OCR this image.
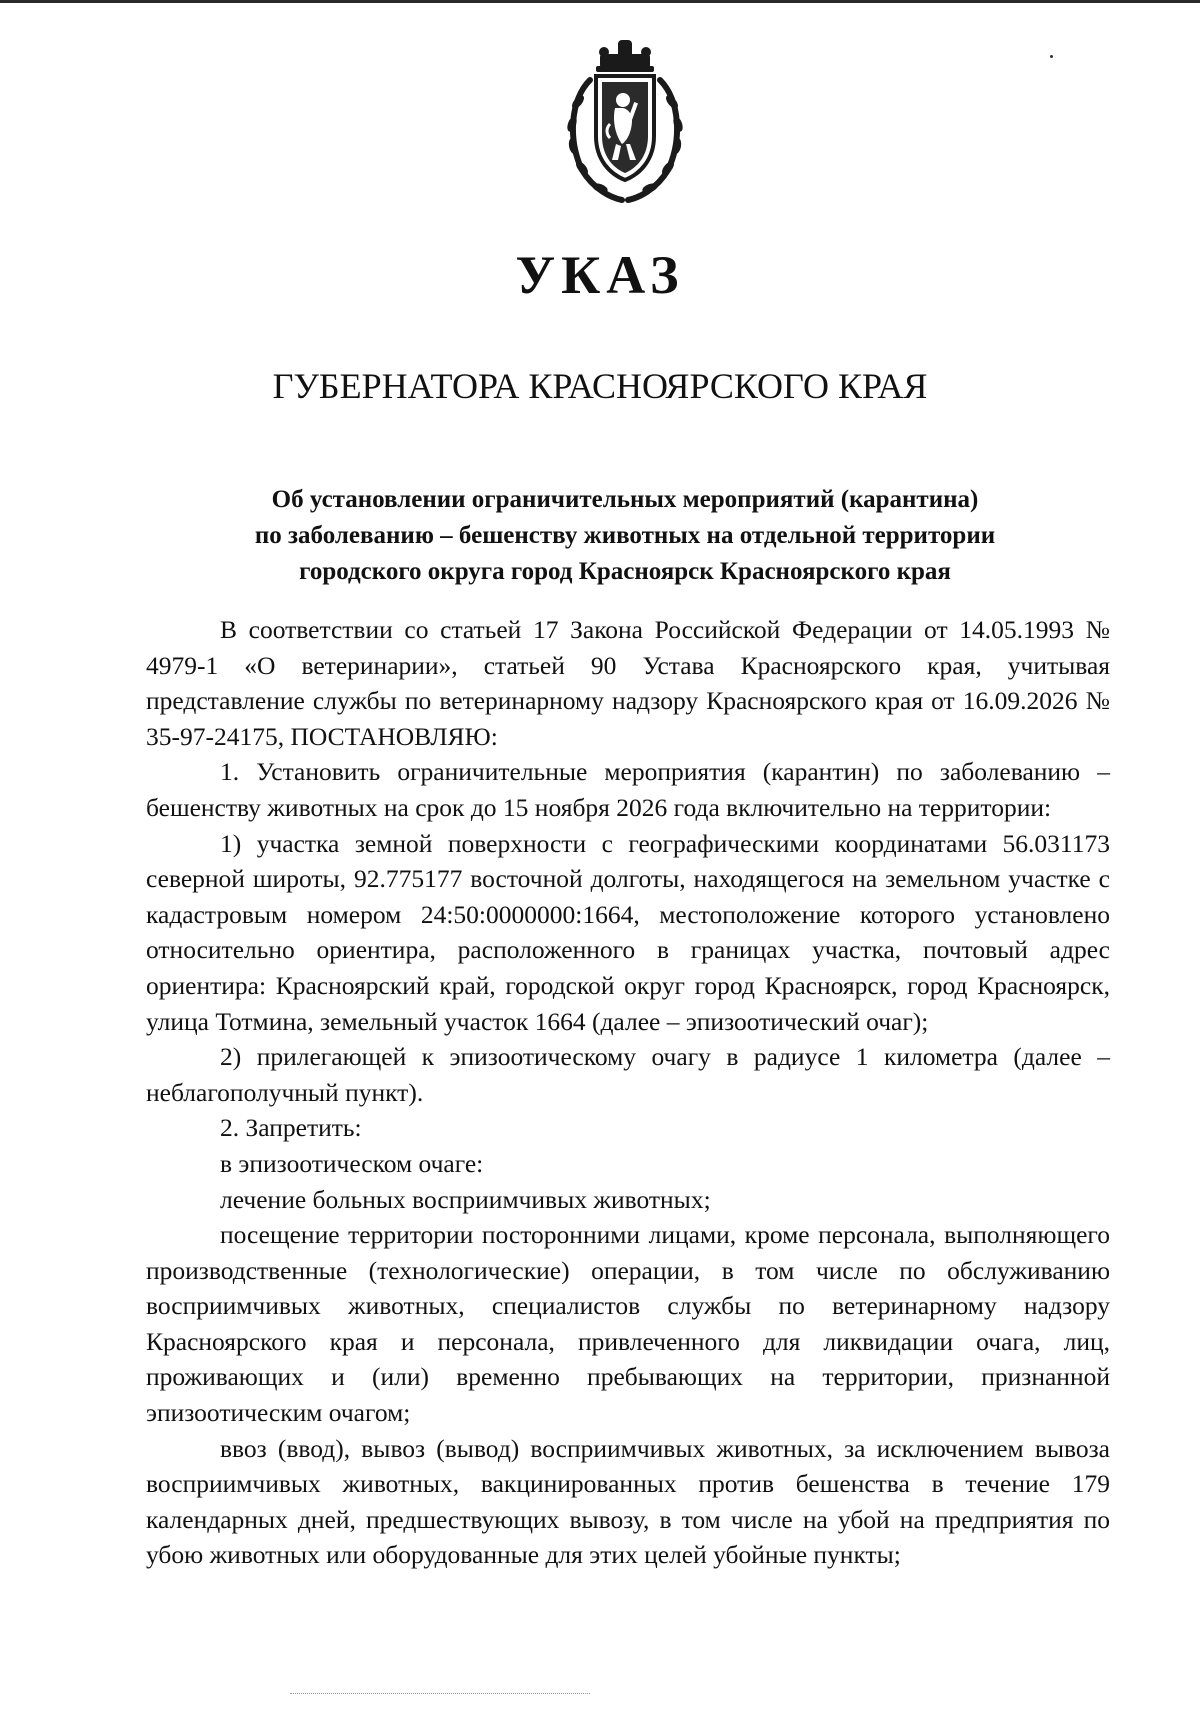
УКАЗ
ГУБЕРНАТОРА КРАСНОЯРСКОГО КРАЯ
Об установлении ограничительных мероприятий (карантина)
по заболеванию – бешенству животных на отдельной территории
городского округа город Красноярск Красноярского края

В соответствии со статьей 17 Закона Российской Федерации от 14.05.1993 № 4979-1 «О ветеринарии», статьей 90 Устава Красноярского края, учитывая представление службы по ветеринарному надзору Красноярского края от 16.09.2026 № 35-97-24175, ПОСТАНОВЛЯЮ:

1. Установить ограничительные мероприятия (карантин) по заболеванию – бешенству животных на срок до 15 ноября 2026 года включительно на территории:

1) участка земной поверхности с географическими координатами 56.031173 северной широты, 92.775177 восточной долготы, находящегося на земельном участке с кадастровым номером 24:50:0000000:1664, местоположение которого установлено относительно ориентира, расположенного в границах участка, почтовый адрес ориентира: Красноярский край, городской округ город Красноярск, город Красноярск, улица Тотмина, земельный участок 1664 (далее – эпизоотический очаг);

2) прилегающей к эпизоотическому очагу в радиусе 1 километра (далее – неблагополучный пункт).

2. Запретить:

в эпизоотическом очаге:

лечение больных восприимчивых животных;

посещение территории посторонними лицами, кроме персонала, выполняющего производственные (технологические) операции, в том числе по обслуживанию восприимчивых животных, специалистов службы по ветеринарному надзору Красноярского края и персонала, привлеченного для ликвидации очага, лиц, проживающих и (или) временно пребывающих на территории, признанной эпизоотическим очагом;

ввоз (ввод), вывоз (вывод) восприимчивых животных, за исключением вывоза восприимчивых животных, вакцинированных против бешенства в течение 179 календарных дней, предшествующих вывозу, в том числе на убой на предприятия по убою животных или оборудованные для этих целей убойные пункты;
